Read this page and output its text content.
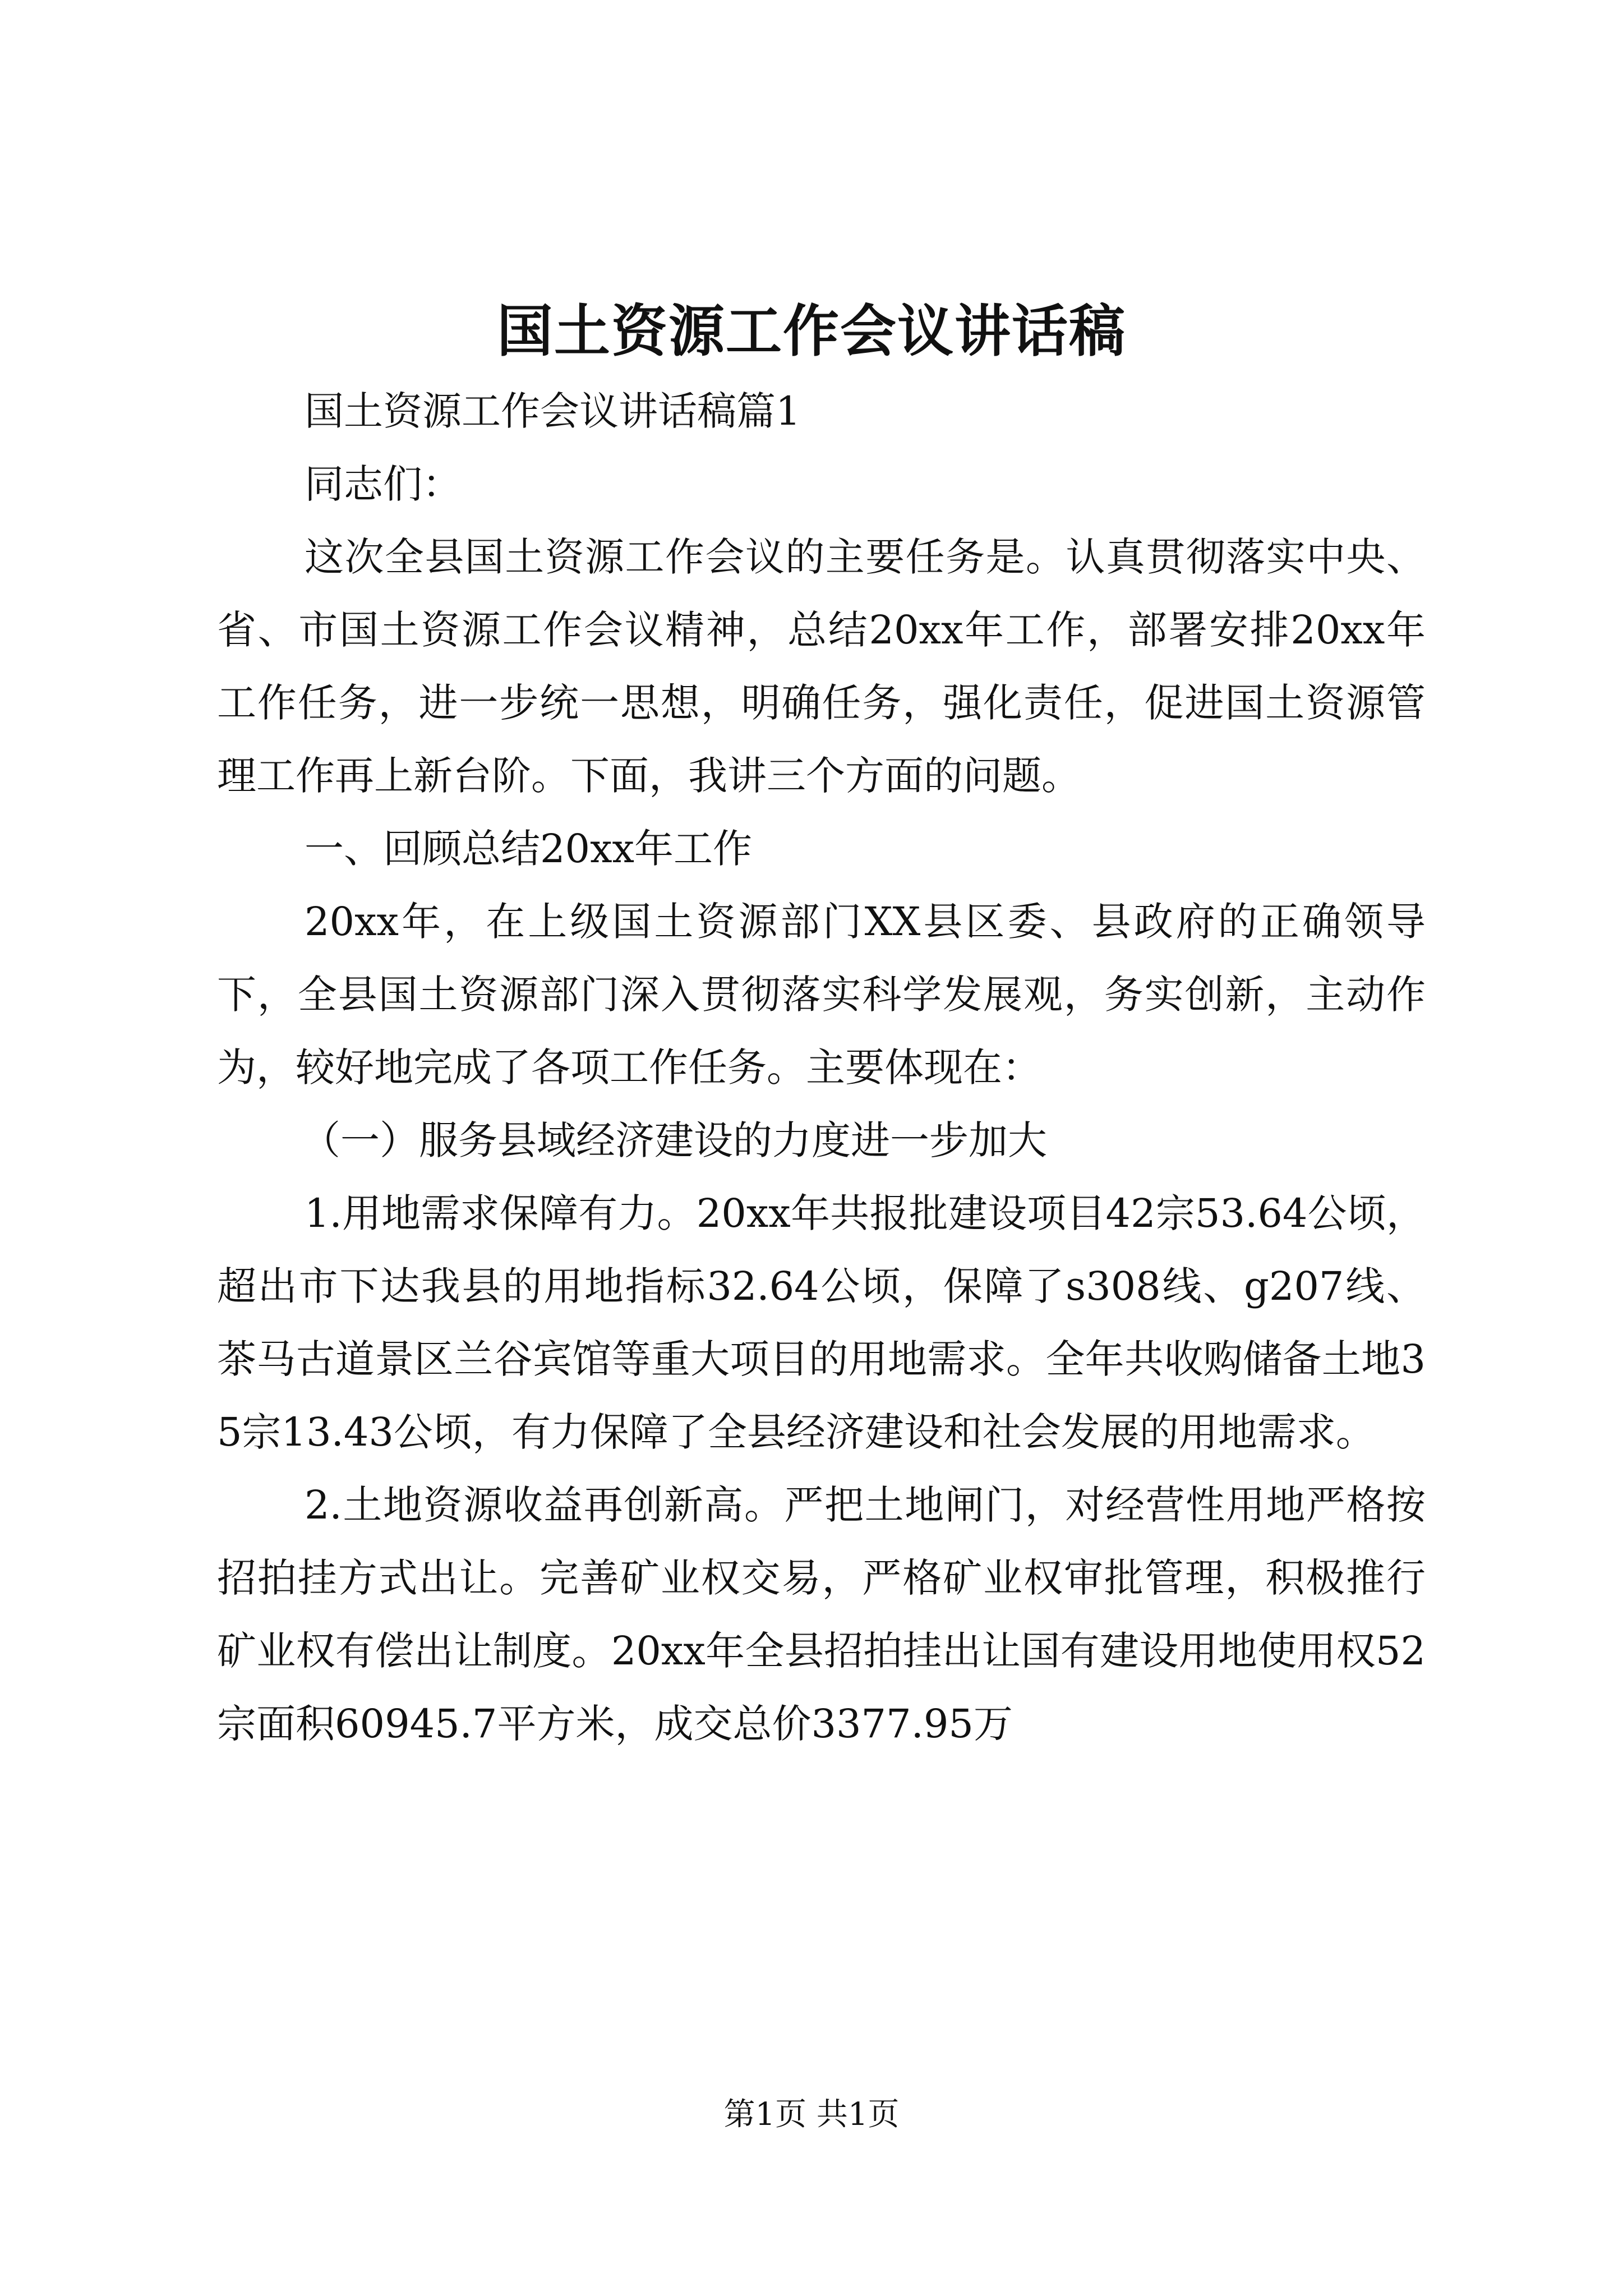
国土资源工作会议讲话稿

国土资源工作会议讲话稿篇1

同志们：

这次全县国土资源工作会议的主要任务是。认真贯彻落实中央、省、市国土资源工作会议精神，总结20xx年工作，部署安排20xx年工作任务，进一步统一思想，明确任务，强化责任，促进国土资源管理工作再上新台阶。下面，我讲三个方面的问题。

一、回顾总结20xx年工作

20xx年，在上级国土资源部门XX县区委、县政府的正确领导下，全县国土资源部门深入贯彻落实科学发展观，务实创新，主动作为，较好地完成了各项工作任务。主要体现在：

（一）服务县域经济建设的力度进一步加大

1.用地需求保障有力。20xx年共报批建设项目42宗53.64公顷，超出市下达我县的用地指标32.64公顷，保障了s308线、g207线、茶马古道景区兰谷宾馆等重大项目的用地需求。全年共收购储备土地35宗13.43公顷，有力保障了全县经济建设和社会发展的用地需求。

2.土地资源收益再创新高。严把土地闸门，对经营性用地严格按招拍挂方式出让。完善矿业权交易，严格矿业权审批管理，积极推行矿业权有偿出让制度。20xx年全县招拍挂出让国有建设用地使用权52宗面积60945.7平方米，成交总价3377.95万

第1页 共1页
